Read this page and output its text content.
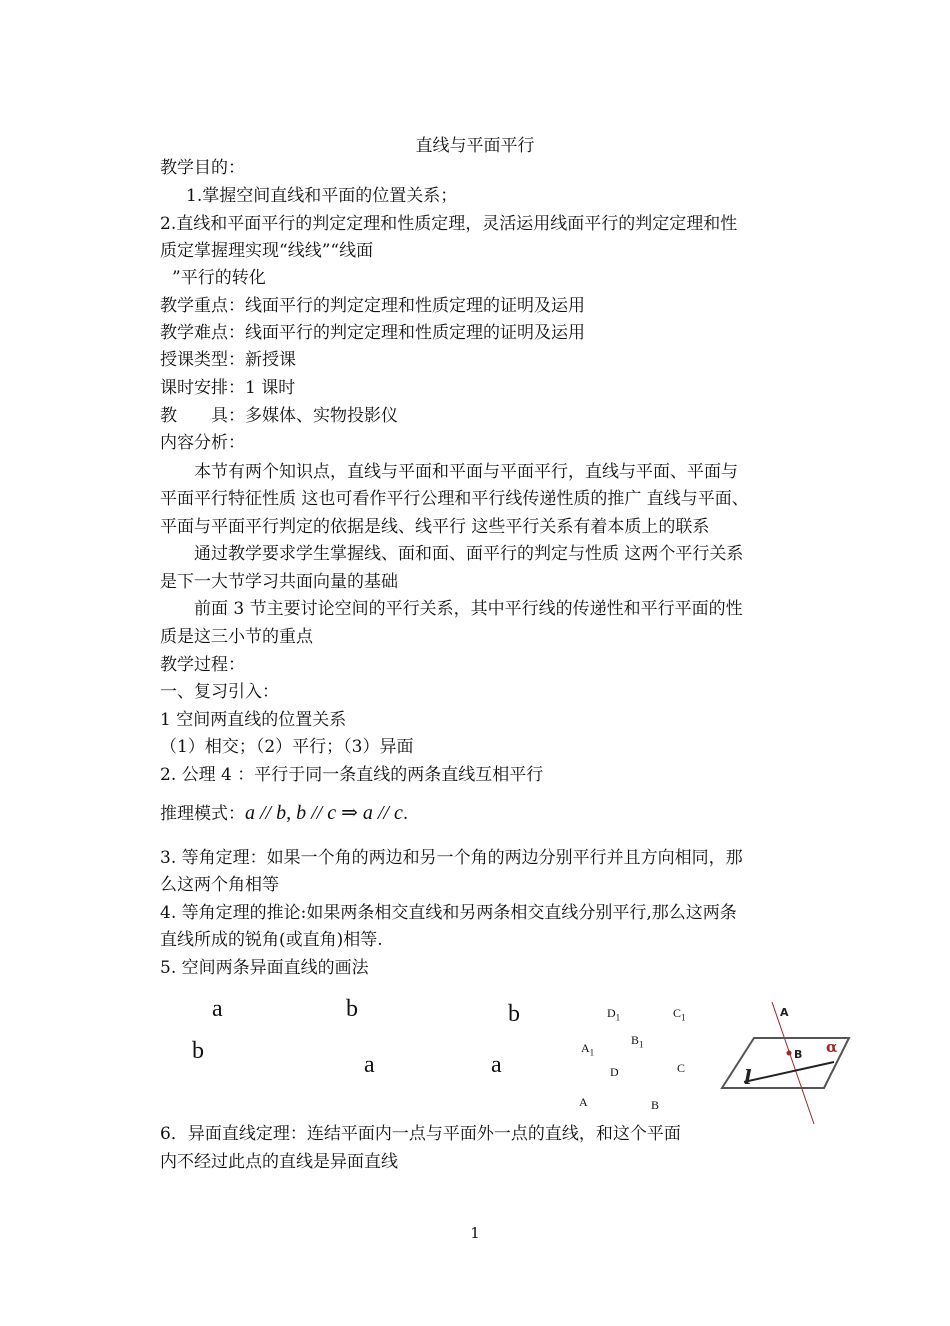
直线与平面平行
教学目的：
1.掌握空间直线和平面的位置关系；
2.直线和平面平行的判定定理和性质定理，灵活运用线面平行的判定定理和性
质定掌握理实现“线线”“线面
”平行的转化
教学重点：线面平行的判定定理和性质定理的证明及运用
教学难点：线面平行的判定定理和性质定理的证明及运用
授课类型：新授课
课时安排：1 课时
教　　具：多媒体、实物投影仪
内容分析：
本节有两个知识点，直线与平面和平面与平面平行，直线与平面、平面与
平面平行特征性质 这也可看作平行公理和平行线传递性质的推广 直线与平面、
平面与平面平行判定的依据是线、线平行 这些平行关系有着本质上的联系
通过教学要求学生掌握线、面和面、面平行的判定与性质 这两个平行关系
是下一大节学习共面向量的基础
前面 3 节主要讨论空间的平行关系，其中平行线的传递性和平行平面的性
质是这三小节的重点
教学过程：
一、复习引入：
1 空间两直线的位置关系
（1）相交；（2）平行；（3）异面
2. 公理 4 ：平行于同一条直线的两条直线互相平行
推理模式：a // b, b // c ⇒ a // c.
3. 等角定理：如果一个角的两边和另一个角的两边分别平行并且方向相同，那
么这两个角相等
4. 等角定理的推论:如果两条相交直线和另两条相交直线分别平行,那么这两条
直线所成的锐角(或直角)相等.
5. 空间两条异面直线的画法
a
b
b
a
b
a
$D_1$	$C_1$
$A_1$
$B_1$
D	C
A	B
A
B α
l
6．异面直线定理：连结平面内一点与平面外一点的直线，和这个平面
内不经过此点的直线是异面直线
1
